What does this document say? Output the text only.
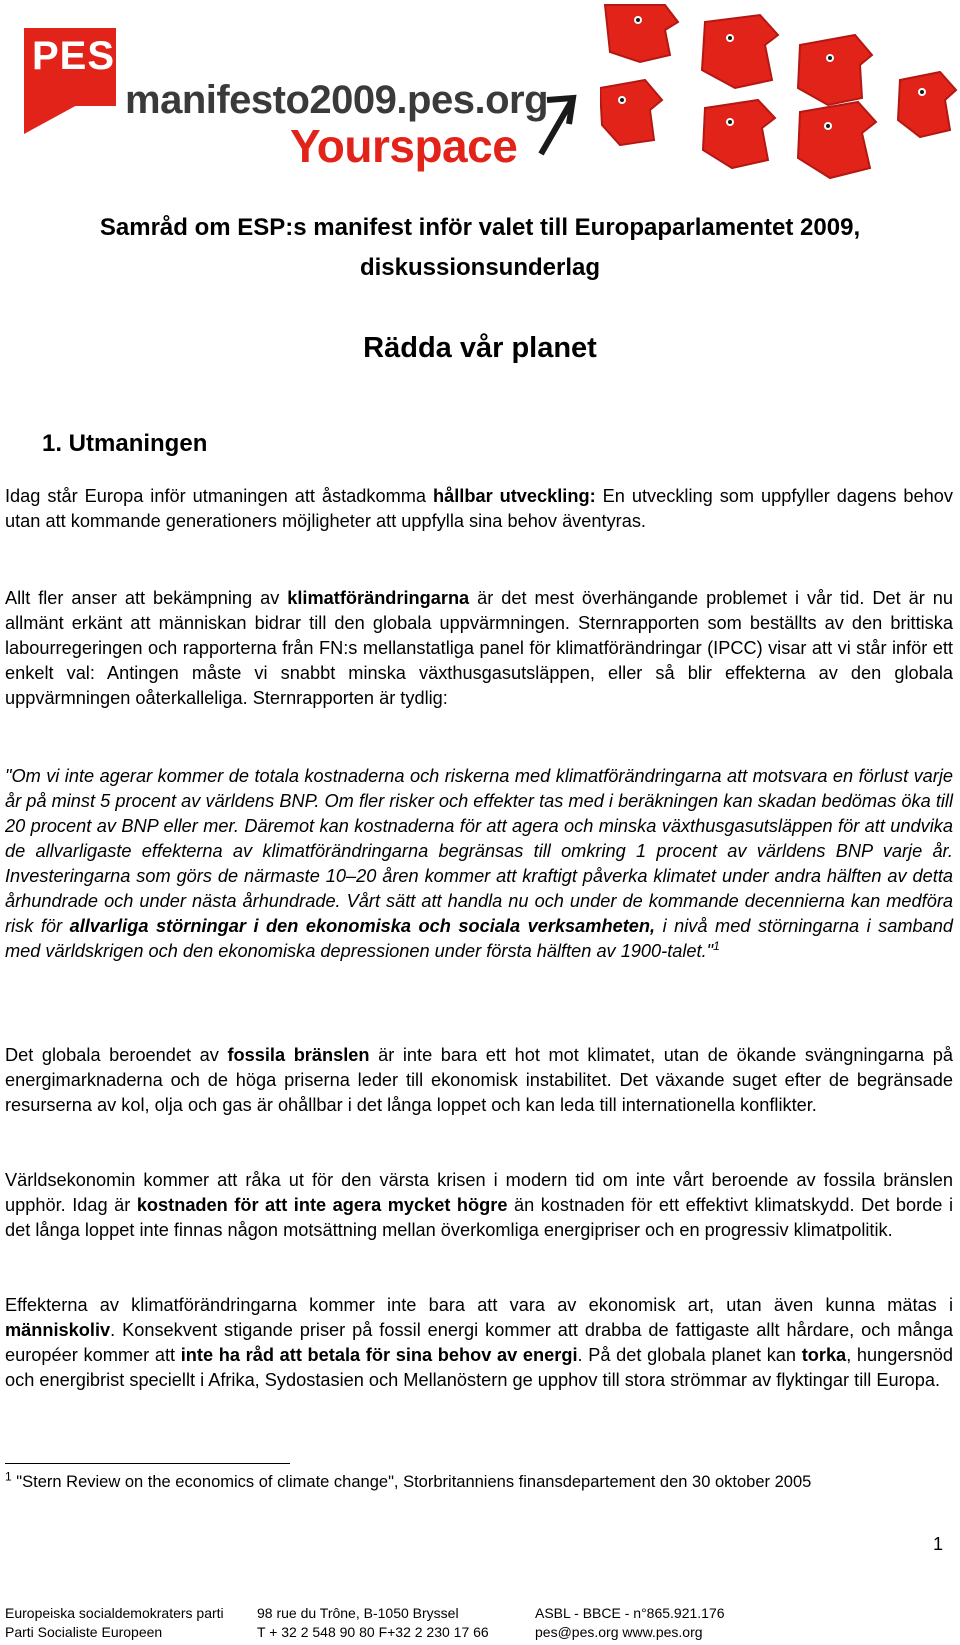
PES
manifesto2009.pes.org
Yourspace
Samråd om ESP:s manifest inför valet till Europaparlamentet 2009,
diskussionsunderlag
Rädda vår planet
1. Utmaningen
Idag står Europa inför utmaningen att åstadkomma hållbar utveckling: En utveckling som uppfyller dagens behov utan att kommande generationers möjligheter att uppfylla sina behov äventyras.
Allt fler anser att bekämpning av klimatförändringarna är det mest överhängande problemet i vår tid. Det är nu allmänt erkänt att människan bidrar till den globala uppvärmningen. Sternrapporten som beställts av den brittiska labourregeringen och rapporterna från FN:s mellanstatliga panel för klimatförändringar (IPCC) visar att vi står inför ett enkelt val: Antingen måste vi snabbt minska växthusgasutsläppen, eller så blir effekterna av den globala uppvärmningen oåterkalleliga. Sternrapporten är tydlig:
"Om vi inte agerar kommer de totala kostnaderna och riskerna med klimatförändringarna att motsvara en förlust varje år på minst 5 procent av världens BNP. Om fler risker och effekter tas med i beräkningen kan skadan bedömas öka till 20 procent av BNP eller mer. Däremot kan kostnaderna för att agera och minska växthusgasutsläppen för att undvika de allvarligaste effekterna av klimatförändringarna begränsas till omkring 1 procent av världens BNP varje år. Investeringarna som görs de närmaste 10–20 åren kommer att kraftigt påverka klimatet under andra hälften av detta århundrade och under nästa århundrade. Vårt sätt att handla nu och under de kommande decennierna kan medföra risk för allvarliga störningar i den ekonomiska och sociala verksamheten, i nivå med störningarna i samband med världskrigen och den ekonomiska depressionen under första hälften av 1900-talet."$^1$
Det globala beroendet av fossila bränslen är inte bara ett hot mot klimatet, utan de ökande svängningarna på energimarknaderna och de höga priserna leder till ekonomisk instabilitet. Det växande suget efter de begränsade resurserna av kol, olja och gas är ohållbar i det långa loppet och kan leda till internationella konflikter.
Världsekonomin kommer att råka ut för den värsta krisen i modern tid om inte vårt beroende av fossila bränslen upphör. Idag är kostnaden för att inte agera mycket högre än kostnaden för ett effektivt klimatskydd. Det borde i det långa loppet inte finnas någon motsättning mellan överkomliga energipriser och en progressiv klimatpolitik.
Effekterna av klimatförändringarna kommer inte bara att vara av ekonomisk art, utan även kunna mätas i människoliv. Konsekvent stigande priser på fossil energi kommer att drabba de fattigaste allt hårdare, och många européer kommer att inte ha råd att betala för sina behov av energi. På det globala planet kan torka, hungersnöd och energibrist speciellt i Afrika, Sydostasien och Mellanöstern ge upphov till stora strömmar av flyktingar till Europa.
$^1$ "Stern Review on the economics of climate change", Storbritanniens finansdepartement den 30 oktober 2005
1
Europeiska socialdemokraters parti
Parti Socialiste Europeen
98 rue du Trône, B-1050 Bryssel
T + 32 2 548 90 80 F+32 2 230 17 66
ASBL - BBCE - n°865.921.176
pes@pes.org www.pes.org
